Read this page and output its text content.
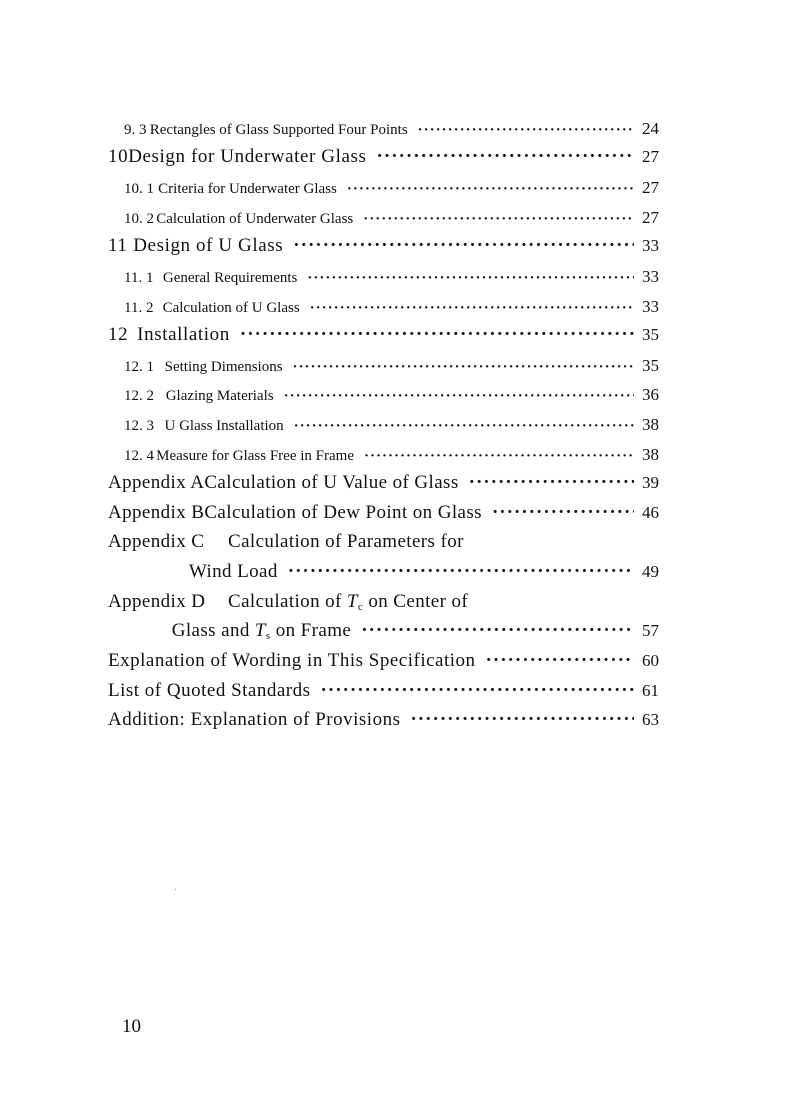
9. 3 Rectangles of Glass Supported Four Points ·····	24
10 Design for Underwater Glass ·····	27
10. 1 Criteria for Underwater Glass ·····	27
10. 2 Calculation of Underwater Glass ·····	27
11 Design of U Glass ·····	33
11. 1 General Requirements ·····	33
11. 2 Calculation of U Glass ·····	33
12 Installation ·····	35
12. 1 Setting Dimensions ·····	35
12. 2 Glazing Materials ·····	36
12. 3 U Glass Installation ·····	38
12. 4 Measure for Glass Free in Frame ·····	38
Appendix A Calculation of U Value of Glass ·····	39
Appendix B Calculation of Dew Point on Glass ·····	46
Appendix C	Calculation of Parameters for
Wind Load ·····	49
Appendix D	Calculation of $T_c$ on Center of
Glass and $T_s$ on Frame ·····	57
Explanation of Wording in This Specification ·····	60
List of Quoted Standards ·····	61
Addition: Explanation of Provisions ·····	63
10
